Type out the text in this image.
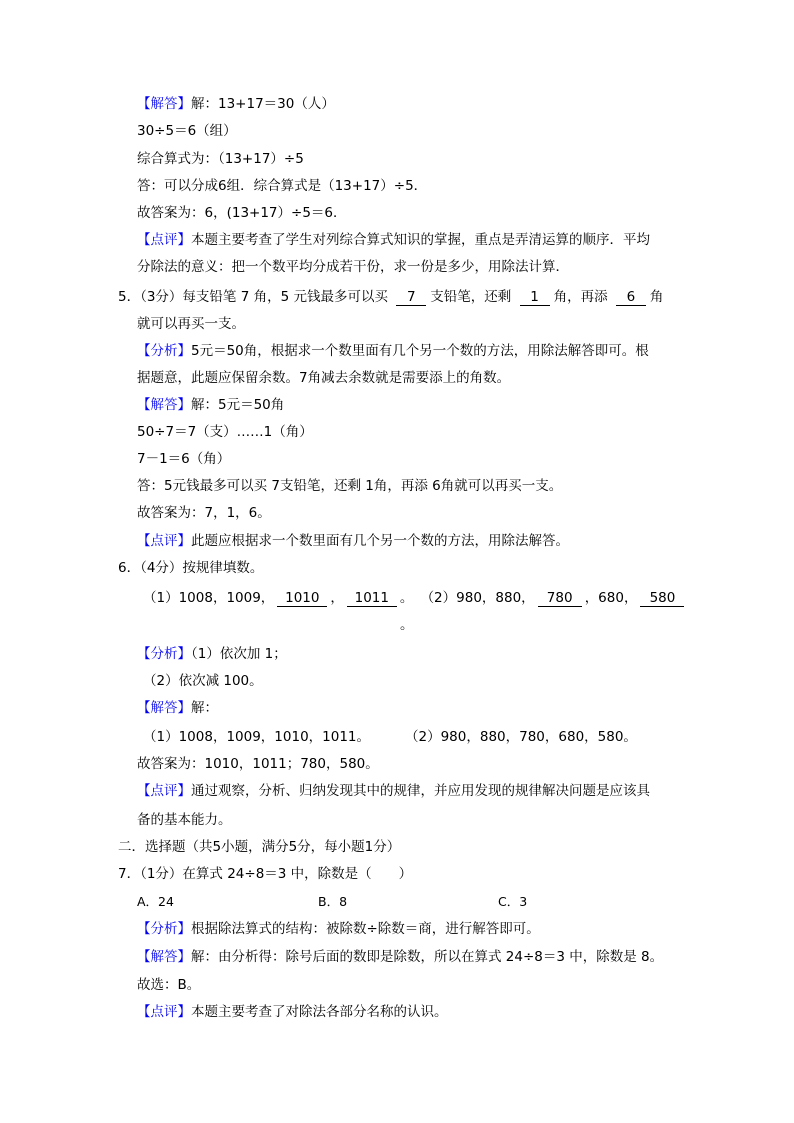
【解答】解：13+17＝30（人）
30÷5＝6（组）
综合算式为：（13+17）÷5
答：可以分成6组．综合算式是（13+17）÷5．
故答案为：6，(13+17）÷5＝6．
【点评】本题主要考查了学生对列综合算式知识的掌握，重点是弄清运算的顺序．平均
分除法的意义：把一个数平均分成若干份，求一份是多少，用除法计算．
5．（3分）每支铅笔 7 角，5 元钱最多可以买 7 支铅笔，还剩 1 角，再添 6 角
就可以再买一支。
【分析】5元＝50角，根据求一个数里面有几个另一个数的方法，用除法解答即可。根
据题意，此题应保留余数。7角减去余数就是需要添上的角数。
【解答】解：5元＝50角
50÷7＝7（支）……1（角）
7－1＝6（角）
答：5元钱最多可以买 7支铅笔，还剩 1角，再添 6角就可以再买一支。
故答案为：7，1，6。
【点评】此题应根据求一个数里面有几个另一个数的方法，用除法解答。
6．（4分）按规律填数。
（1）1008，1009， 1010 ， 1011 。 （2）980，880， 780 ，680， 580
。
【分析】（1）依次加 1；
（2）依次减 100。
【解答】解：
（1）1008，1009，1010，1011。	（2）980，880，780，680，580。
故答案为：1010，1011；780，580。
【点评】通过观察，分析、归纳发现其中的规律，并应用发现的规律解决问题是应该具
备的基本能力。
二．选择题（共5小题，满分5分，每小题1分）
7．（1分）在算式 24÷8＝3 中，除数是（　　）
A．24	B．8	C．3
【分析】根据除法算式的结构：被除数÷除数＝商，进行解答即可。
【解答】解：由分析得：除号后面的数即是除数，所以在算式 24÷8＝3 中，除数是 8。
故选：B。
【点评】本题主要考查了对除法各部分名称的认识。
